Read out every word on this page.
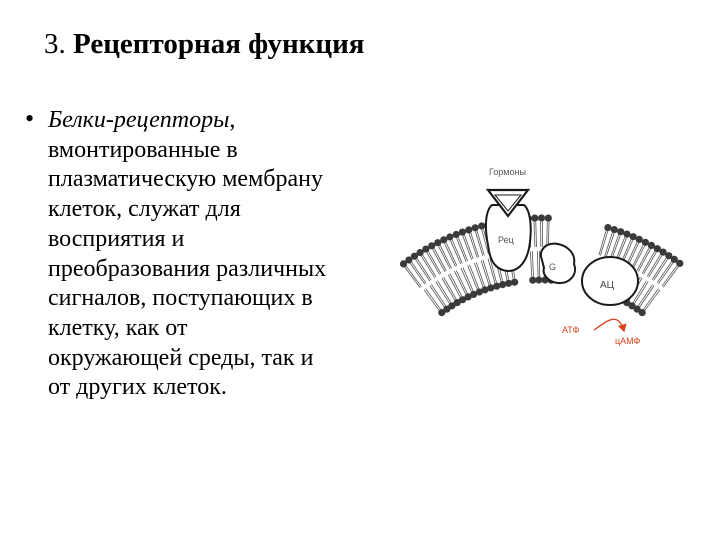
3. Рецепторная функция
• Белки-рецепторы,
вмонтированные в
плазматическую мембрану
клеток, служат для
восприятия и
преобразования различных
сигналов, поступающих в
клетку, как от
окружающей среды, так и
от других клеток.
Гормоны
Рец
G
АЦ
АТФ
цАМФ
